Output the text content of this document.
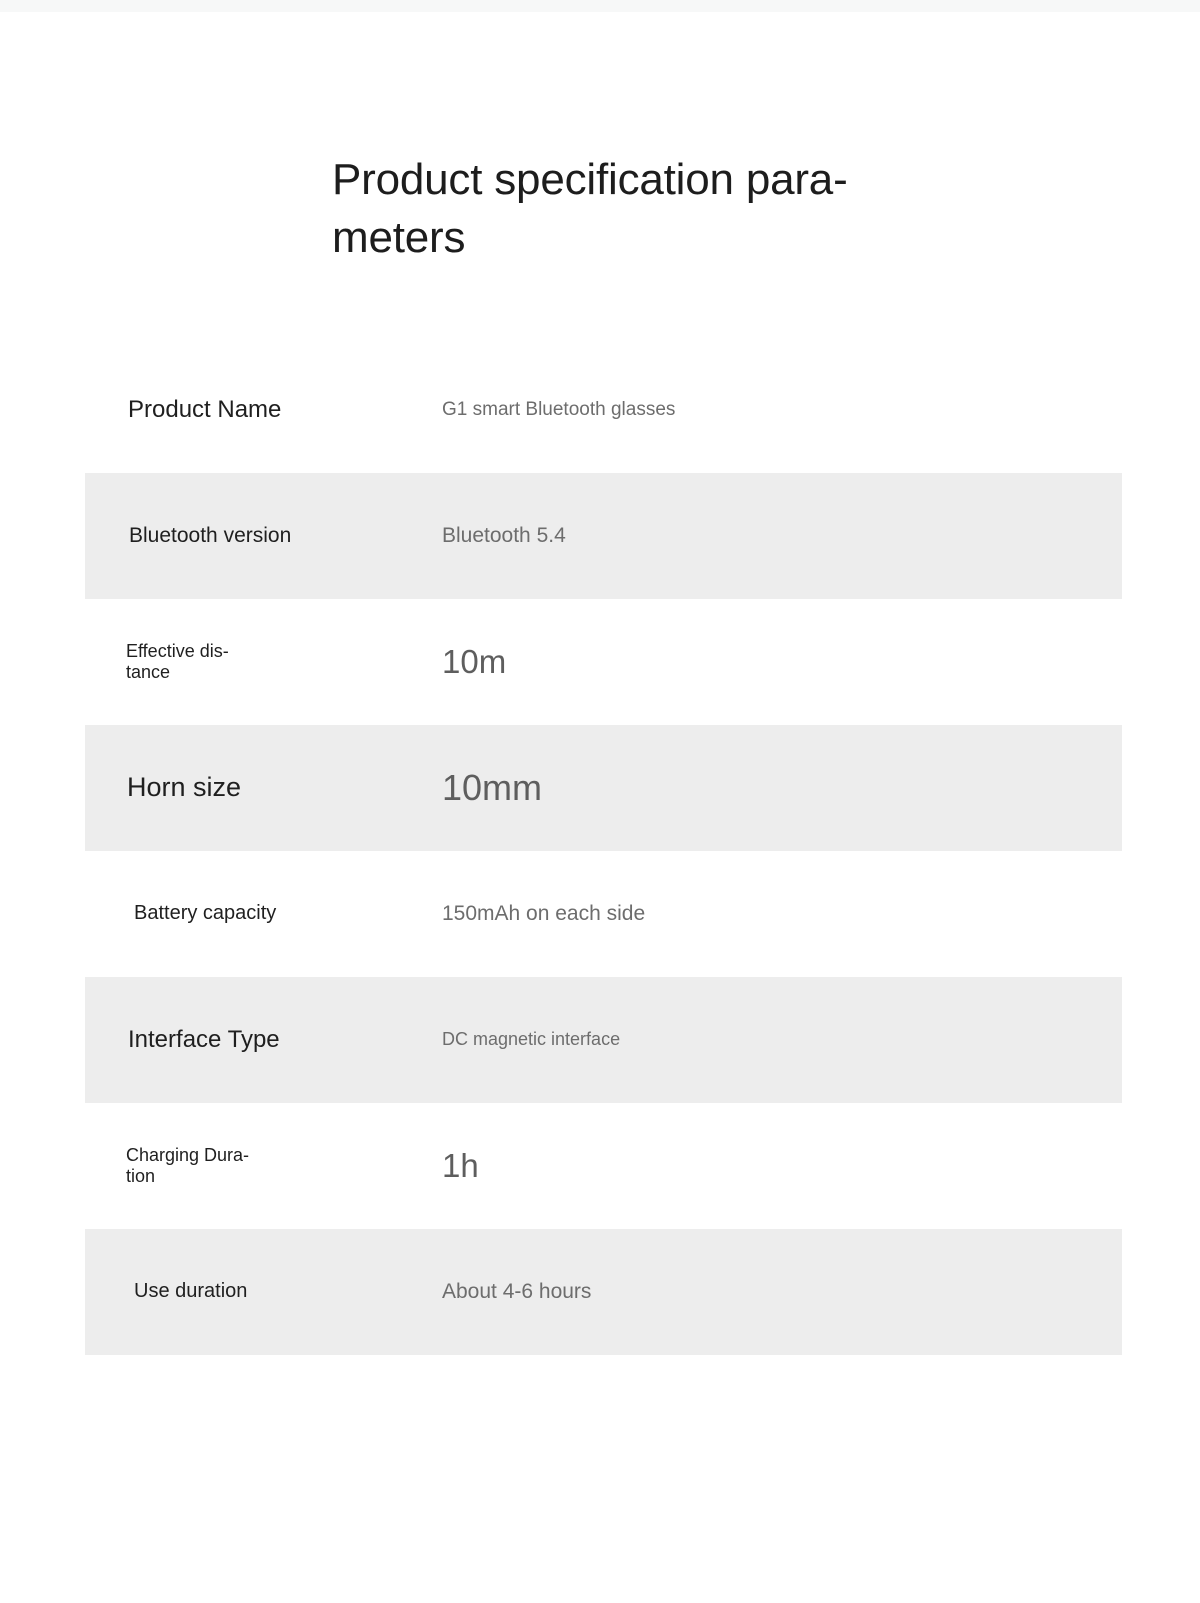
Product specification para-
meters
Product Name	G1 smart Bluetooth glasses
Bluetooth version	Bluetooth 5.4
Effective dis-
tance	10m
Horn size	10mm
Battery capacity	150mAh on each side
Interface Type	DC magnetic interface
Charging Dura-
tion	1h
Use duration	About 4-6 hours
